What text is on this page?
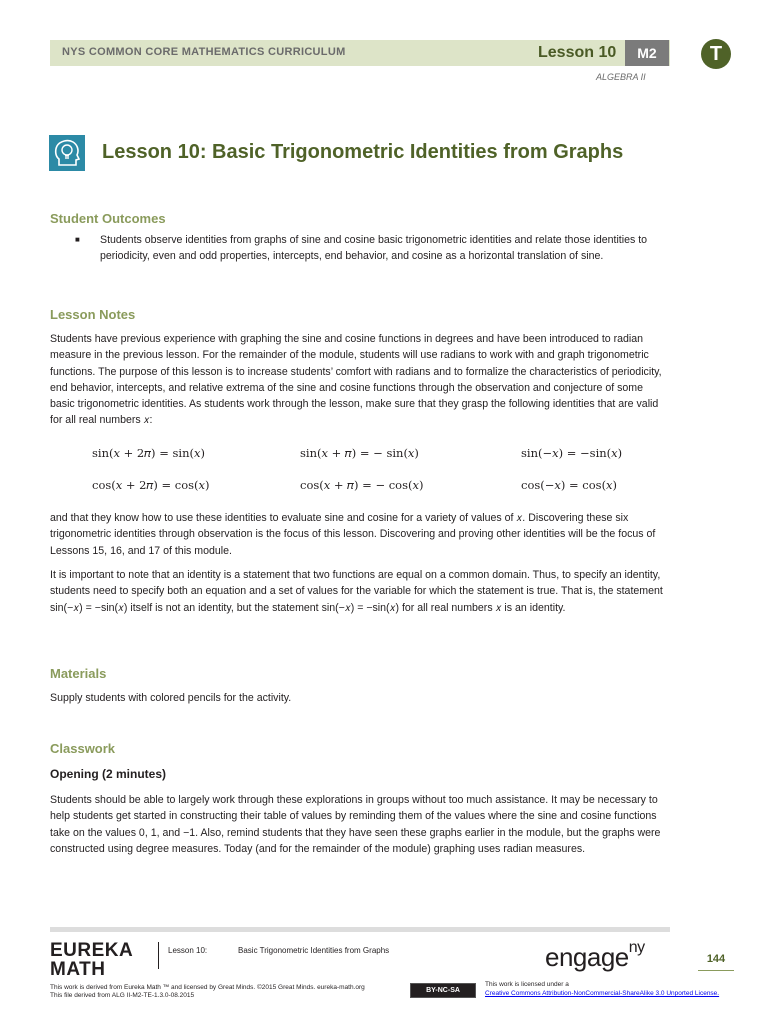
NYS COMMON CORE MATHEMATICS CURRICULUM	Lesson 10	M2
ALGEBRA II
T
Lesson 10: Basic Trigonometric Identities from Graphs
Student Outcomes
■ Students observe identities from graphs of sine and cosine basic trigonometric identities and relate those identities to periodicity, even and odd properties, intercepts, end behavior, and cosine as a horizontal translation of sine.
Lesson Notes
Students have previous experience with graphing the sine and cosine functions in degrees and have been introduced to radian measure in the previous lesson. For the remainder of the module, students will use radians to work with and graph trigonometric functions. The purpose of this lesson is to increase students’ comfort with radians and to formalize the characteristics of periodicity, end behavior, intercepts, and relative extrema of the sine and cosine functions through the observation and conjecture of some basic trigonometric identities. As students work through the lesson, make sure that they grasp the following identities that are valid for all real numbers 𝑥:
sin(𝑥 + 2𝜋) = sin(𝑥)	sin(𝑥 + 𝜋) = − sin(𝑥)	sin(−𝑥) = −sin(𝑥)
cos(𝑥 + 2𝜋) = cos(𝑥)	cos(𝑥 + 𝜋) = − cos(𝑥)	cos(−𝑥) = cos(𝑥)
and that they know how to use these identities to evaluate sine and cosine for a variety of values of 𝑥. Discovering these six trigonometric identities through observation is the focus of this lesson. Discovering and proving other identities will be the focus of Lessons 15, 16, and 17 of this module.
It is important to note that an identity is a statement that two functions are equal on a common domain. Thus, to specify an identity, students need to specify both an equation and a set of values for the variable for which the statement is true. That is, the statement sin(−𝑥) = −sin(𝑥) itself is not an identity, but the statement sin(−𝑥) = −sin(𝑥) for all real numbers 𝑥 is an identity.
Materials
Supply students with colored pencils for the activity.
Classwork
Opening (2 minutes)
Students should be able to largely work through these explorations in groups without too much assistance. It may be necessary to help students get started in constructing their table of values by reminding them of the values where the sine and cosine functions take on the values 0, 1, and −1. Also, remind students that they have seen these graphs earlier in the module, but the graphs were constructed using degree measures. Today (and for the remainder of the module) graphing uses radian measures.
EUREKA
MATH
Lesson 10:	Basic Trigonometric Identities from Graphs	engage$^{ny}$
144
This work is derived from Eureka Math ™ and licensed by Great Minds. ©2015 Great Minds. eureka-math.org
This file derived from ALG II-M2-TE-1.3.0-08.2015
BY-NC-SA
This work is licensed under a
Creative Commons Attribution-NonCommercial-ShareAlike 3.0 Unported License.
